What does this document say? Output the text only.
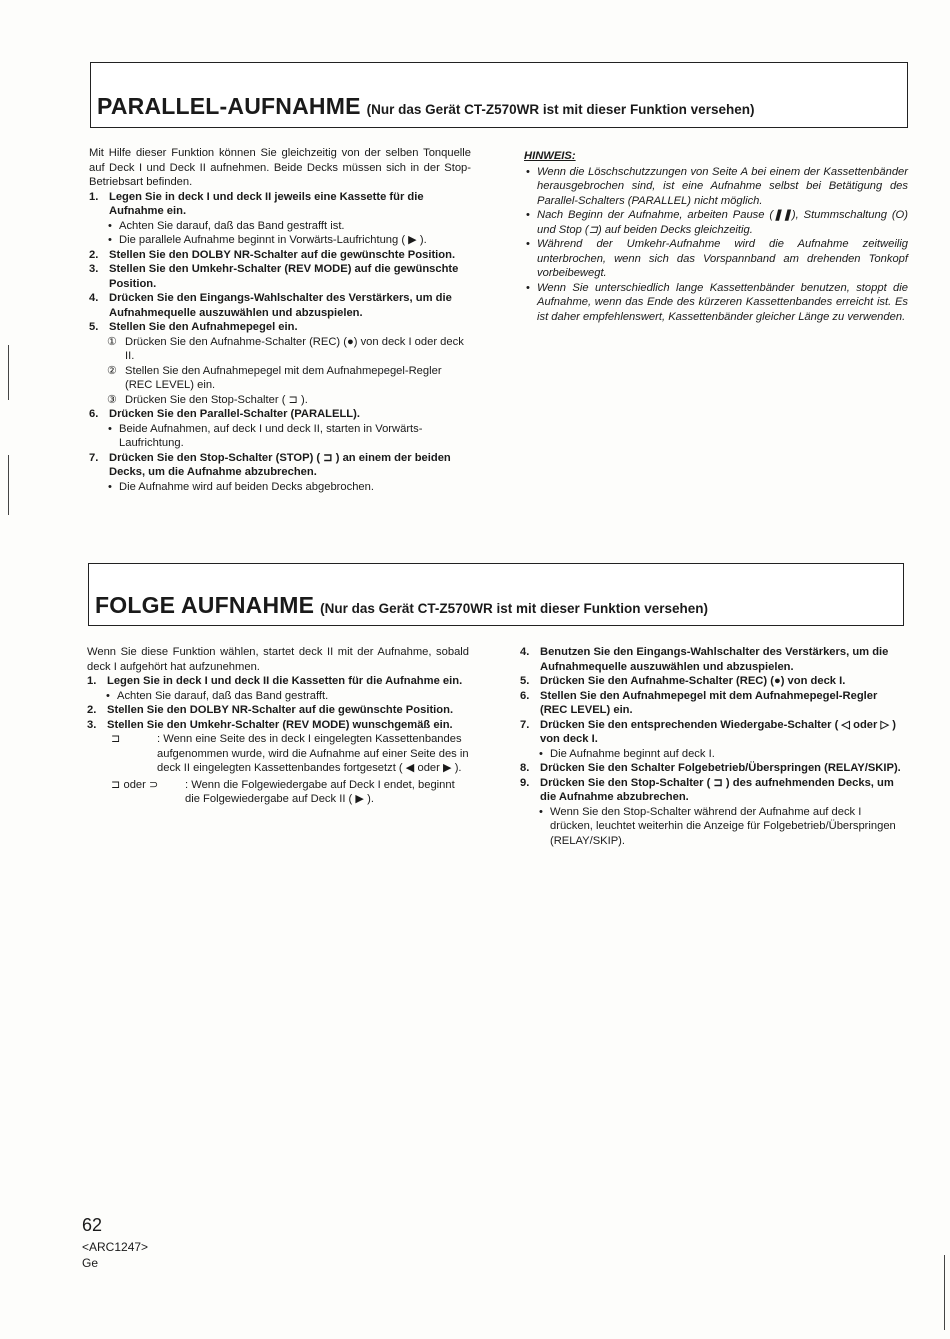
PARALLEL-AUFNAHME (Nur das Gerät CT-Z570WR ist mit dieser Funktion versehen)

Mit Hilfe dieser Funktion können Sie gleichzeitig von der selben Tonquelle auf Deck I und Deck II aufnehmen. Beide Decks müssen sich in der Stop-Betriebsart befinden.

1. Legen Sie in deck I und deck II jeweils eine Kassette für die Aufnahme ein.
• Achten Sie darauf, daß das Band gestrafft ist.
• Die parallele Aufnahme beginnt in Vorwärts-Laufrichtung ( ▶ ).
2. Stellen Sie den DOLBY NR-Schalter auf die gewünschte Position.
3. Stellen Sie den Umkehr-Schalter (REV MODE) auf die gewünschte Position.
4. Drücken Sie den Eingangs-Wahlschalter des Verstärkers, um die Aufnahmequelle auszuwählen und abzuspielen.
5. Stellen Sie den Aufnahmepegel ein.
① Drücken Sie den Aufnahme-Schalter (REC) (●) von deck I oder deck II.
② Stellen Sie den Aufnahmepegel mit dem Aufnahmepegel-Regler (REC LEVEL) ein.
③ Drücken Sie den Stop-Schalter ( ⊐ ).
6. Drücken Sie den Parallel-Schalter (PARALELL).
• Beide Aufnahmen, auf deck I und deck II, starten in Vorwärts-Laufrichtung.
7. Drücken Sie den Stop-Schalter (STOP) ( ⊐ ) an einem der beiden Decks, um die Aufnahme abzubrechen.
• Die Aufnahme wird auf beiden Decks abgebrochen.
HINWEIS:
• Wenn die Löschschutzzungen von Seite A bei einem der Kassettenbänder herausgebrochen sind, ist eine Aufnahme selbst bei Betätigung des Parallel-Schalters (PARALLEL) nicht möglich.
• Nach Beginn der Aufnahme, arbeiten Pause (❚❚), Stummschaltung (O) und Stop (⊐) auf beiden Decks gleichzeitig.
• Während der Umkehr-Aufnahme wird die Aufnahme zeitweilig unterbrochen, wenn sich das Vorspannband am drehenden Tonkopf vorbeibewegt.
• Wenn Sie unterschiedlich lange Kassettenbänder benutzen, stoppt die Aufnahme, wenn das Ende des kürzeren Kassettenbandes erreicht ist. Es ist daher empfehlenswert, Kassettenbänder gleicher Länge zu verwenden.
FOLGE AUFNAHME (Nur das Gerät CT-Z570WR ist mit dieser Funktion versehen)

Wenn Sie diese Funktion wählen, startet deck II mit der Aufnahme, sobald deck I aufgehört hat aufzunehmen.

1. Legen Sie in deck I und deck II die Kassetten für die Aufnahme ein.
• Achten Sie darauf, daß das Band gestrafft.
2. Stellen Sie den DOLBY NR-Schalter auf die gewünschte Position.
3. Stellen Sie den Umkehr-Schalter (REV MODE) wunschgemäß ein.
⊐	: Wenn eine Seite des in deck I eingelegten Kassettenbandes aufgenommen wurde, wird die Aufnahme auf einer Seite des in deck II eingelegten Kassettenbandes fortgesetzt ( ◀ oder ▶ ).
⊐ oder ⊃ : Wenn die Folgewiedergabe auf Deck I endet, beginnt die Folgewiedergabe auf Deck II ( ▶ ).
4. Benutzen Sie den Eingangs-Wahlschalter des Verstärkers, um die Aufnahmequelle auszuwählen und abzuspielen.
5. Drücken Sie den Aufnahme-Schalter (REC) (●) von deck I.
6. Stellen Sie den Aufnahmepegel mit dem Aufnahmepegel-Regler (REC LEVEL) ein.
7. Drücken Sie den entsprechenden Wiedergabe-Schalter ( ◁ oder ▷ ) von deck I.
• Die Aufnahme beginnt auf deck I.
8. Drücken Sie den Schalter Folgebetrieb/Überspringen (RELAY/SKIP).
9. Drücken Sie den Stop-Schalter ( ⊐ ) des aufnehmenden Decks, um die Aufnahme abzubrechen.
• Wenn Sie den Stop-Schalter während der Aufnahme auf deck I drücken, leuchtet weiterhin die Anzeige für Folgebetrieb/Überspringen (RELAY/SKIP).
62
<ARC1247>
Ge
